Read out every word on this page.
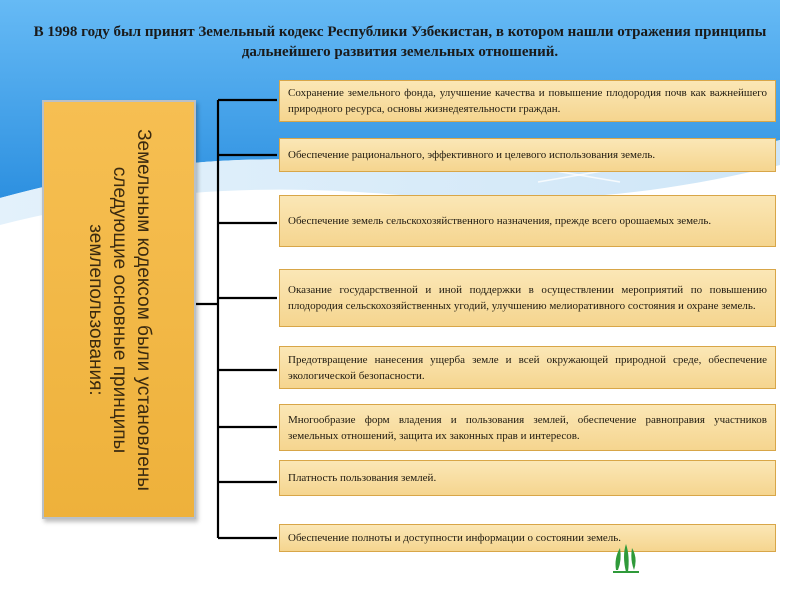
В 1998 году был принят Земельный кодекс Республики Узбекистан, в котором нашли отражения принципы дальнейшего развития земельных отношений.
Земельным кодексом были установлены следующие основные принципы землепользования:
Сохранение земельного фонда, улучшение качества и повышение плодородия почв как важнейшего природного ресурса, основы жизнедеятельности граждан.
Обеспечение рационального, эффективного и целевого использования земель.
Обеспечение земель сельскохозяйственного назначения, прежде всего орошаемых земель.
Оказание государственной и иной поддержки в осуществлении мероприятий по повышению плодородия сельскохозяйственных угодий, улучшению мелиоративного состояния и охране земель.
Предотвращение нанесения ущерба земле и всей окружающей природной среде, обеспечение экологической безопасности.
Многообразие форм владения и пользования землей, обеспечение равноправия участников земельных отношений, защита их законных прав и интересов.
Платность пользования землей.
Обеспечение полноты и доступности информации о состоянии земель.
